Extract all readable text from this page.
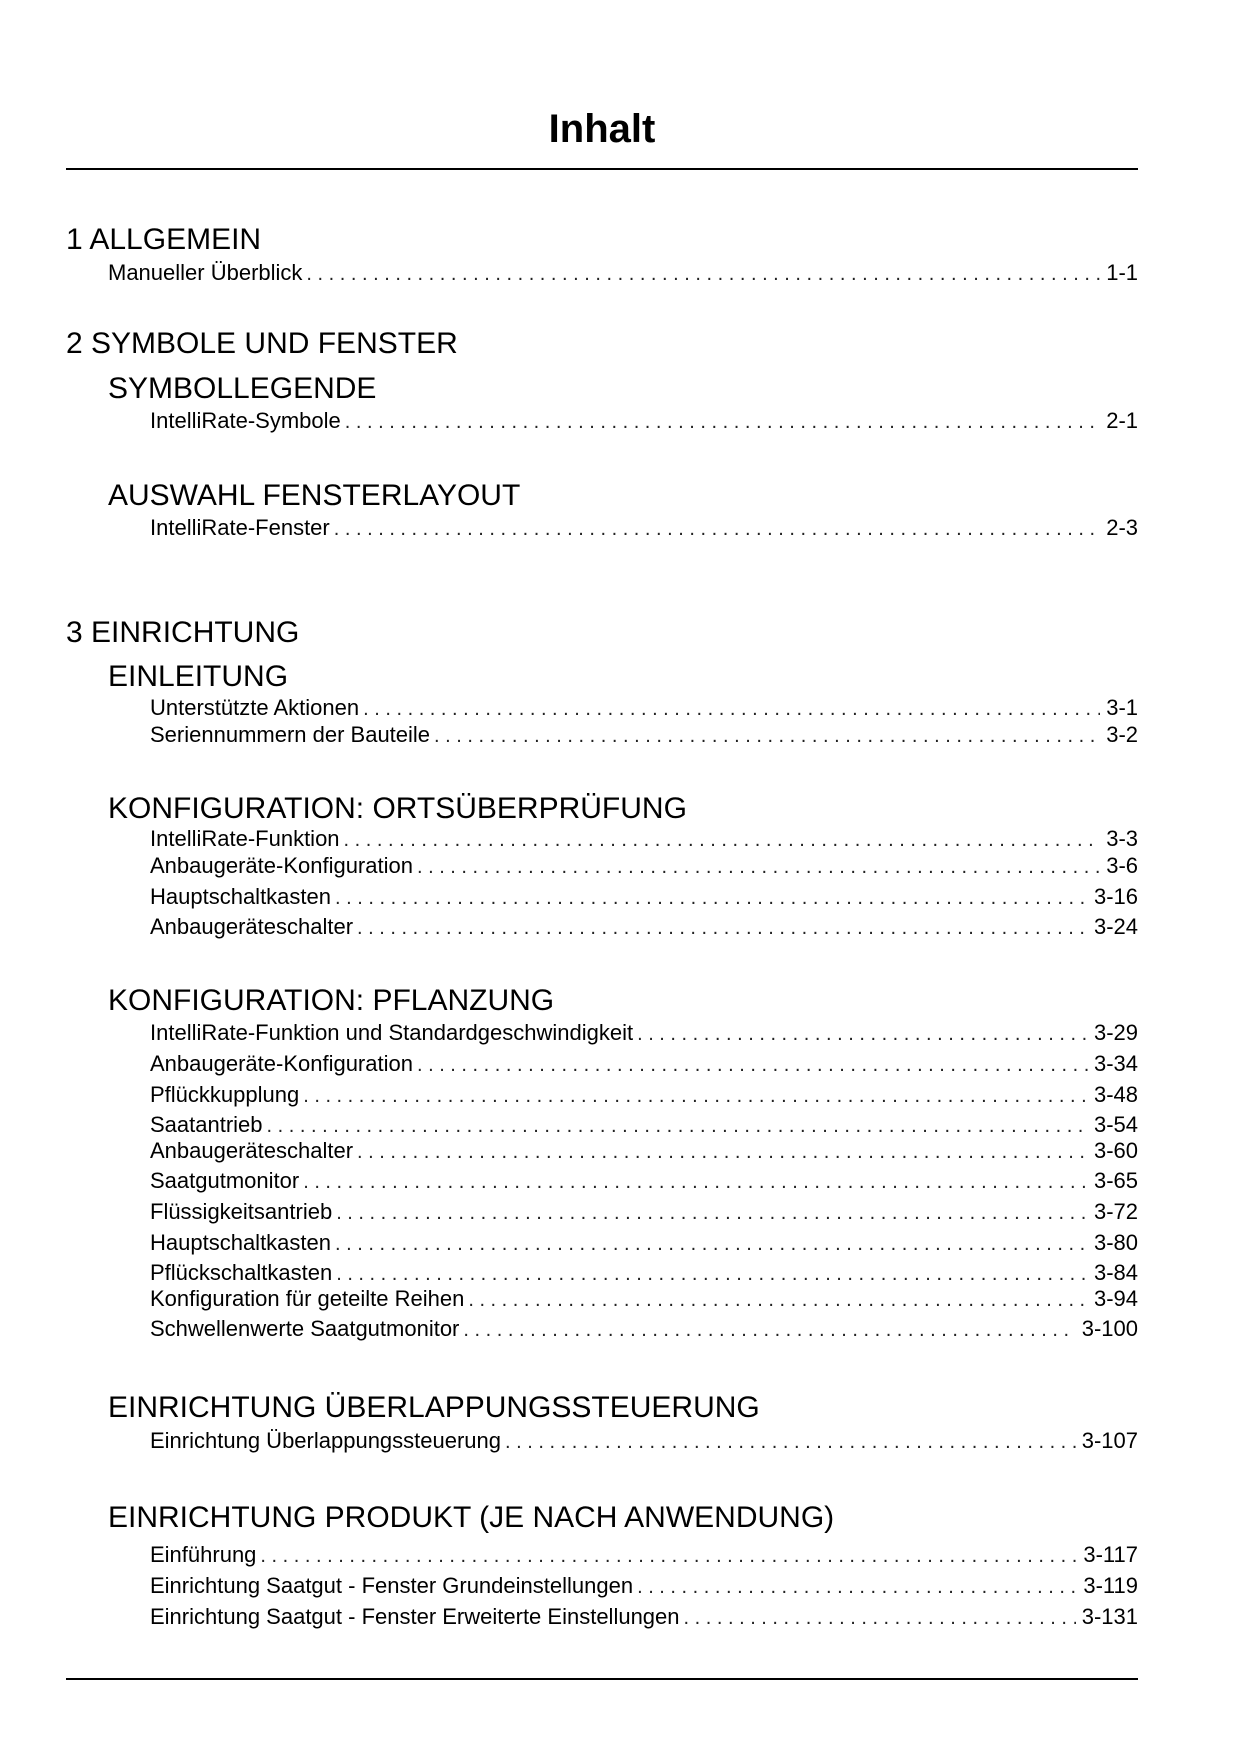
Inhalt
1 ALLGEMEIN
Manueller Überblick . . .	1-1
2 SYMBOLE UND FENSTER
SYMBOLLEGENDE
IntelliRate-Symbole . . .	2-1
AUSWAHL FENSTERLAYOUT
IntelliRate-Fenster . . .	2-3
3 EINRICHTUNG
EINLEITUNG
Unterstützte Aktionen . . .	3-1
Seriennummern der Bauteile . . .	3-2
KONFIGURATION: ORTSÜBERPRÜFUNG
IntelliRate-Funktion . . .	3-3
Anbaugeräte-Konfiguration . . .	3-6
Hauptschaltkasten . . .	3-16
Anbaugeräteschalter . . .	3-24
KONFIGURATION: PFLANZUNG
IntelliRate-Funktion und Standardgeschwindigkeit . . .	3-29
Anbaugeräte-Konfiguration . . .	3-34
Pflückkupplung . . .	3-48
Saatantrieb . . .	3-54
Anbaugeräteschalter . . .	3-60
Saatgutmonitor . . .	3-65
Flüssigkeitsantrieb . . .	3-72
Hauptschaltkasten . . .	3-80
Pflückschaltkasten . . .	3-84
Konfiguration für geteilte Reihen . . .	3-94
Schwellenwerte Saatgutmonitor . . .	3-100
EINRICHTUNG ÜBERLAPPUNGSSTEUERUNG
Einrichtung Überlappungssteuerung . . .	3-107
EINRICHTUNG PRODUKT (JE NACH ANWENDUNG)
Einführung . . .	3-117
Einrichtung Saatgut - Fenster Grundeinstellungen . . .	3-119
Einrichtung Saatgut - Fenster Erweiterte Einstellungen . . .	3-131
